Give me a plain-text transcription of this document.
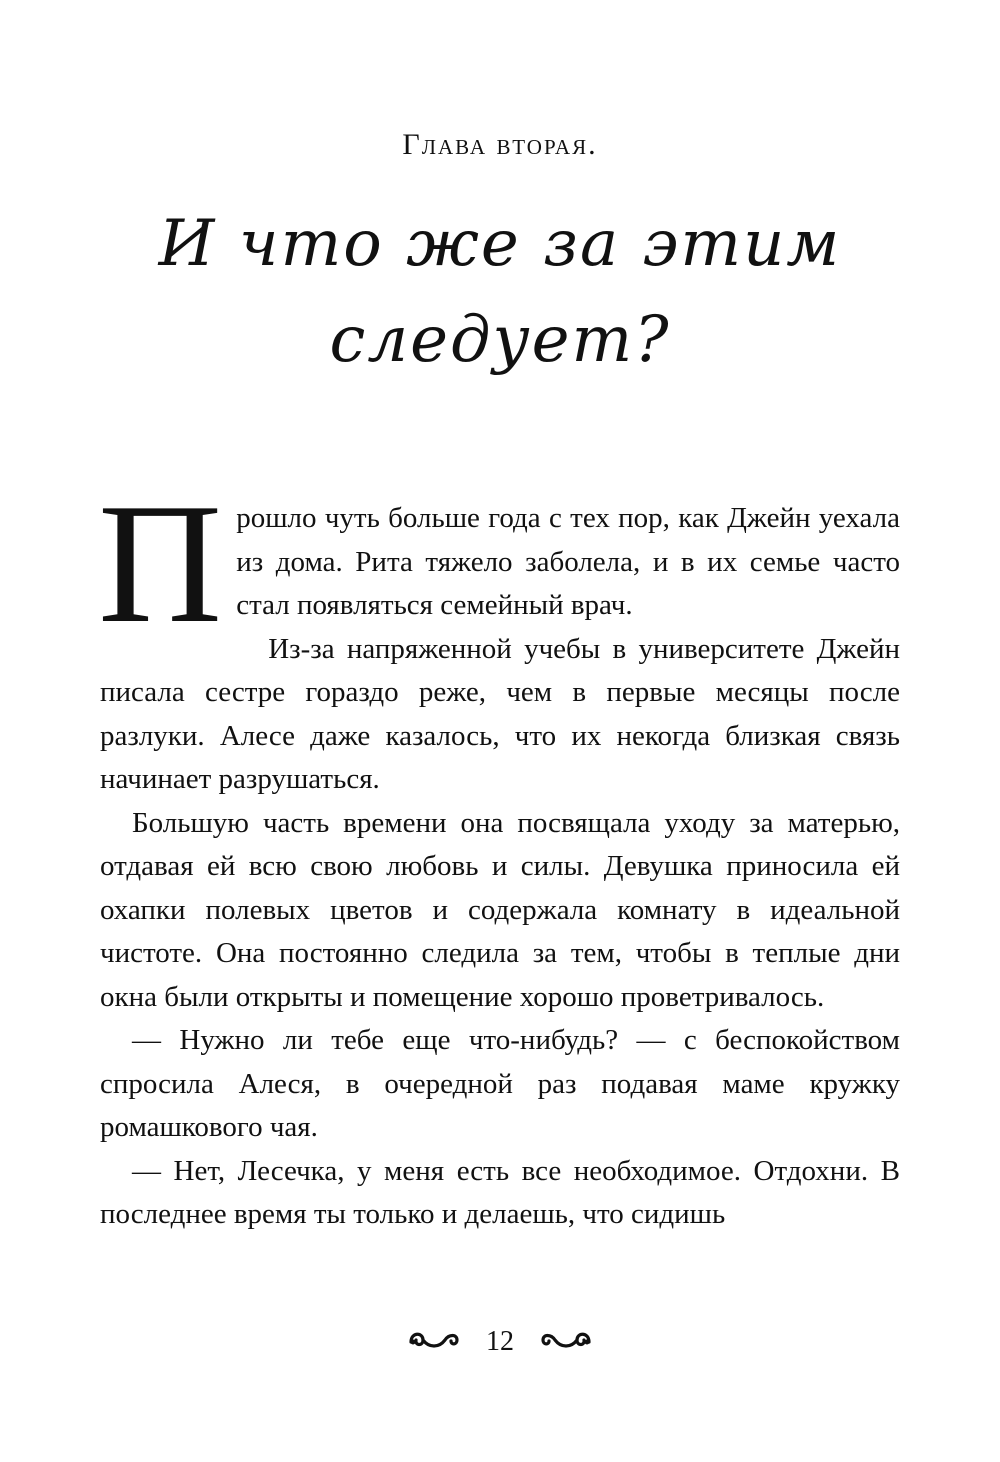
Глава вторая.
И что же за этим
следует?

Прошло чуть больше года с тех пор, как Джейн уехала из дома. Рита тяжело заболела, и в их семье часто стал появляться семейный врач.

Из-за напряженной учебы в университете Джейн писала сестре гораздо реже, чем в первые месяцы после разлуки. Алесе даже казалось, что их некогда близкая связь начинает разрушаться.

Большую часть времени она посвящала уходу за матерью, отдавая ей всю свою любовь и силы. Девушка приносила ей охапки полевых цветов и содержала комнату в идеальной чистоте. Она постоянно следила за тем, чтобы в теплые дни окна были открыты и помещение хорошо проветривалось.

— Нужно ли тебе еще что-нибудь? — с беспокойством спросила Алеся, в очередной раз подавая маме кружку ромашкового чая.

— Нет, Лесечка, у меня есть все необходимое. Отдохни. В последнее время ты только и делаешь, что сидишь

12
